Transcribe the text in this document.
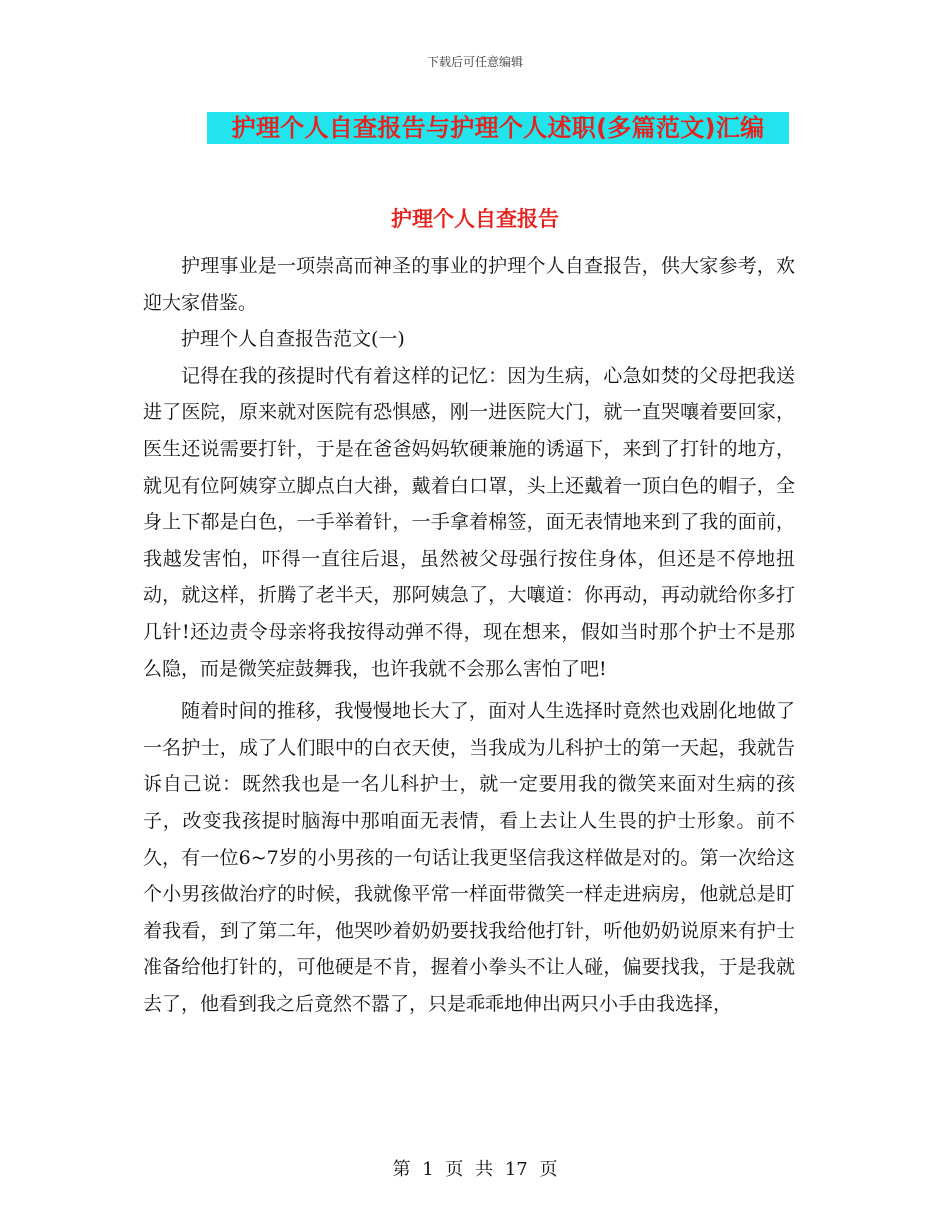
下载后可任意编辑
护理个人自查报告与护理个人述职(多篇范文)汇编
护理个人自查报告

护理事业是一项崇高而神圣的事业的护理个人自查报告，供大家参考，欢迎大家借鉴。

护理个人自查报告范文(一)

记得在我的孩提时代有着这样的记忆：因为生病，心急如焚的父母把我送进了医院，原来就对医院有恐惧感，刚一进医院大门，就一直哭嚷着要回家，医生还说需要打针，于是在爸爸妈妈软硬兼施的诱逼下，来到了打针的地方，就见有位阿姨穿立脚点白大褂，戴着白口罩，头上还戴着一顶白色的帽子，全身上下都是白色，一手举着针，一手拿着棉签，面无表情地来到了我的面前，我越发害怕，吓得一直往后退，虽然被父母强行按住身体，但还是不停地扭动，就这样，折腾了老半天，那阿姨急了，大嚷道：你再动，再动就给你多打几针!还边责令母亲将我按得动弹不得，现在想来，假如当时那个护士不是那么隐，而是微笑症鼓舞我，也许我就不会那么害怕了吧!

随着时间的推移，我慢慢地长大了，面对人生选择时竟然也戏剧化地做了一名护士，成了人们眼中的白衣天使，当我成为儿科护士的第一天起，我就告诉自己说：既然我也是一名儿科护士，就一定要用我的微笑来面对生病的孩子，改变我孩提时脑海中那咱面无表情，看上去让人生畏的护士形象。前不久，有一位6~7岁的小男孩的一句话让我更坚信我这样做是对的。第一次给这个小男孩做治疗的时候，我就像平常一样面带微笑一样走进病房，他就总是盯着我看，到了第二年，他哭吵着奶奶要找我给他打针，听他奶奶说原来有护士准备给他打针的，可他硬是不肯，握着小拳头不让人碰，偏要找我，于是我就去了，他看到我之后竟然不嚣了，只是乖乖地伸出两只小手由我选择，

第 1 页 共 17 页
